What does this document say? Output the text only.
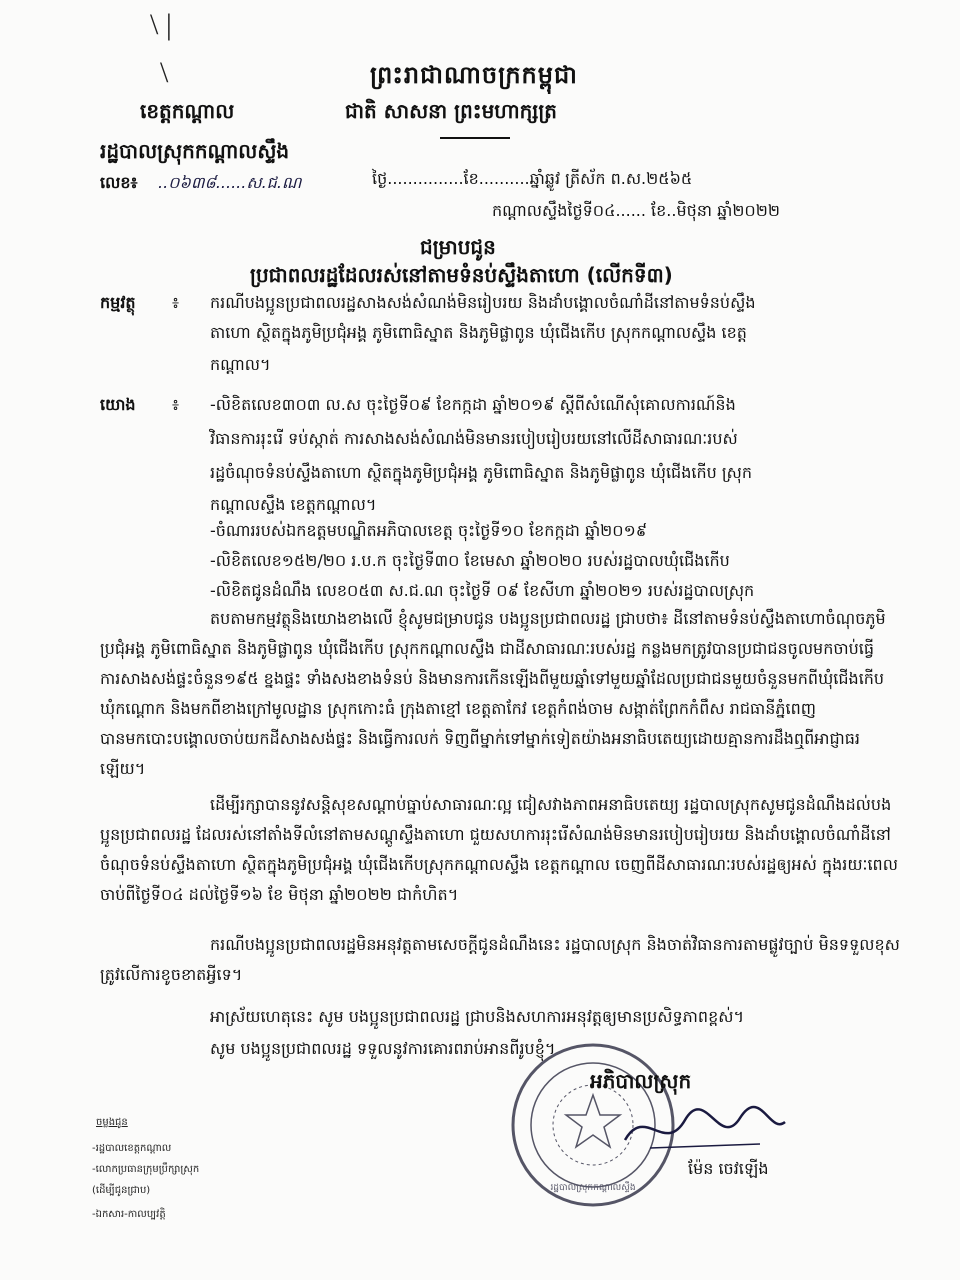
\ |
\	ព្រះរាជាណាចក្រកម្ពុជា
ខេត្តកណ្ដាល	ជាតិ សាសនា ព្រះមហាក្សត្រ
រដ្ឋបាលស្រុកកណ្ដាលស្ទឹង
លេខ៖ ..០៦៣៨......ស.ជ.ណ	ថ្ងៃ...............ខែ..........ឆ្នាំឆ្លូវ ត្រីស័ក ព.ស.២៥៦៥
កណ្តាលស្ទឹងថ្ងៃទី០៤...... ខែ..មិថុនា ឆ្នាំ២០២២
ជម្រាបជូន
ប្រជាពលរដ្ឋដែលរស់នៅតាមទំនប់ស្ទឹងតាហោ (លើកទី៣)
កម្មវត្ថុ ៖ ករណីបងប្អូនប្រជាពលរដ្ឋសាងសង់សំណង់មិនរៀបរយ និងដាំបង្គោលចំណាំដីនៅតាមទំនប់ស្ទឹង
តាហោ ស្ថិតក្នុងភូមិប្រជុំអង្គ ភូមិពោធិស្នាត និងភូមិផ្លាពូន ឃុំជើងកើប ស្រុកកណ្តាលស្ទឹង ខេត្ត
កណ្តាល។
យោង ៖ -លិខិតលេខ៣០៣ ល.ស ចុះថ្ងៃទី០៩ ខែកក្កដា ឆ្នាំ២០១៩ ស្តីពីសំណើសុំគោលការណ៍និង
វិធានការរុះរើ ទប់ស្កាត់ ការសាងសង់សំណង់មិនមានរបៀបរៀបរយនៅលើដីសាធារណៈរបស់
រដ្ឋចំណុចទំនប់ស្ទឹងតាហោ ស្ថិតក្នុងភូមិប្រជុំអង្គ ភូមិពោធិស្នាត និងភូមិផ្លាពូន ឃុំជើងកើប ស្រុក
កណ្តាលស្ទឹង ខេត្តកណ្តាល។
-ចំណាររបស់ឯកឧត្តមបណ្ឌិតអភិបាលខេត្ត ចុះថ្ងៃទី១០ ខែកក្កដា ឆ្នាំ២០១៩
-លិខិតលេខ១៥២/២០ រ.ប.ក ចុះថ្ងៃទី៣០ ខែមេសា ឆ្នាំ២០២០ របស់រដ្ឋបាលឃុំជើងកើប
-លិខិតជូនដំណឹង លេខ០៥៣ ស.ជ.ណ ចុះថ្ងៃទី ០៩ ខែសីហា ឆ្នាំ២០២១ របស់រដ្ឋបាលស្រុក
តបតាមកម្មវត្ថុនិងយោងខាងលើ ខ្ញុំសូមជម្រាបជូន បងប្អូនប្រជាពលរដ្ឋ ជ្រាបថា៖ ដីនៅតាមទំនប់ស្ទឹងតាហោចំណុចភូមិប្រជុំអង្គ ភូមិពោធិស្នាត និងភូមិផ្លាពូន ឃុំជើងកើប ស្រុកកណ្តាលស្ទឹង ជាដីសាធារណៈរបស់រដ្ឋ កន្លងមកត្រូវបានប្រជាជនចូលមកចាប់ធ្វើការសាងសង់ផ្ទះចំនួន១៩៥ ខ្នងផ្ទះ ទាំងសងខាងទំនប់ និងមានការកើនឡើងពីមួយឆ្នាំទៅមួយឆ្នាំដែលប្រជាជនមួយចំនួនមកពីឃុំជើងកើប ឃុំកណ្តោក និងមកពីខាងក្រៅមូលដ្ឋាន ស្រុកកោះធំ ក្រុងតាខ្មៅ ខេត្តតាកែវ ខេត្តកំពង់ចាម សង្កាត់ព្រែកកំពឹស រាជធានីភ្នំពេញ បានមកបោះបង្គោលចាប់យកដីសាងសង់ផ្ទះ និងធ្វើការលក់ ទិញពីម្នាក់ទៅម្នាក់ទៀតយ៉ាងអនាធិបតេយ្យដោយគ្មានការដឹងឮពីអាជ្ញាធរឡើយ។
ដើម្បីរក្សាបាននូវសន្តិសុខសណ្តាប់ធ្នាប់សាធារណៈល្អ ជៀសវាងភាពអនាធិបតេយ្យ រដ្ឋបាលស្រុកសូមជូនដំណឹងដល់បងប្អូនប្រជាពលរដ្ឋ ដែលរស់នៅតាំងទីលំនៅតាមសណ្តូស្ទឹងតាហោ ជួយសហការរុះរើសំណង់មិនមានរបៀបរៀបរយ និងដាំបង្គោលចំណាំដីនៅចំណុចទំនប់ស្ទឹងតាហោ ស្ថិតក្នុងភូមិប្រជុំអង្គ ឃុំជើងកើបស្រុកកណ្តាលស្ទឹង ខេត្តកណ្តាល ចេញពីដីសាធារណៈរបស់រដ្ឋឲ្យអស់ ក្នុងរយៈពេល ចាប់ពីថ្ងៃទី០៤ ដល់ថ្ងៃទី១៦ ខែ មិថុនា ឆ្នាំ២០២២ ជាកំហិត។
ករណីបងប្អូនប្រជាពលរដ្ឋមិនអនុវត្តតាមសេចក្តីជូនដំណឹងនេះ រដ្ឋបាលស្រុក និងចាត់វិធានការតាមផ្លូវច្បាប់ មិនទទួលខុសត្រូវលើការខូចខាតអ្វីទេ។
អាស្រ័យហេតុនេះ សូម បងប្អូនប្រជាពលរដ្ឋ ជ្រាបនិងសហការអនុវត្តឲ្យមានប្រសិទ្ធភាពខ្ពស់។
សូម បងប្អូនប្រជាពលរដ្ឋ ទទួលនូវការគោរពរាប់អានពីរូបខ្ញុំ។
រដ្ឋបាលស្រុកកណ្ដាលស្ទឹង
អភិបាលស្រុក
ម៉ែន ចេវឡើង
ចម្លងជូន
-រដ្ឋបាលខេត្តកណ្ដាល
-លោកប្រធានក្រុមប្រឹក្សាស្រុក
(ដើម្បីជូនជ្រាប)
-ឯកសារ-កាលប្បវត្តិ
